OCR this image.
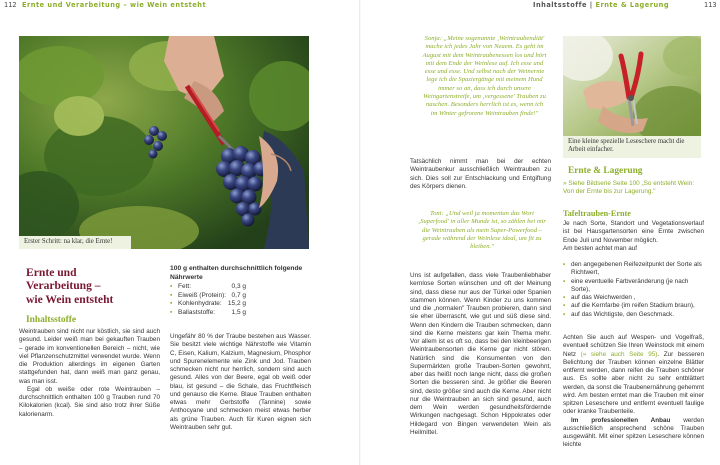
112 Ernte und Verarbeitung – wie Wein entsteht	Inhaltsstoffe | Ernte & Lagerung	113
Erster Schritt: na klar, die Ernte!
Ernte und
Verarbeitung –
wie Wein entsteht
Inhaltsstoffe

Weintrauben sind nicht nur köstlich, sie sind auch gesund. Leider weiß man bei gekauften Trauben – gerade im konventionellen Bereich – nicht, wie viel Pflanzenschutzmittel verwendet wurde. Wenn die Produktion allerdings im eigenen Garten stattgefunden hat, dann weiß man ganz genau, was man isst.

Egal ob weiße oder rote Weintrauben – durchschnittlich enthalten 100 g Trauben rund 70 Kilokalorien (kcal). Sie sind also trotz ihrer Süße kalorienarm.

100 g enthalten durchschnittlich folgende Nährwerte
▪ Fett:	0,3 g
▪ Eiweiß (Protein): 0,7 g
▪ Kohlenhydrate: 15,2 g
▪ Ballaststoffe:	1,5 g

Ungefähr 80 % der Traube bestehen aus Wasser. Sie besitzt viele wichtige Nährstoffe wie Vitamin C, Eisen, Kalium, Kalzium, Magnesium, Phosphor und Spurenelemente wie Zink und Jod. Trauben schmecken nicht nur herrlich, sondern sind auch gesund. Alles von der Beere, egal ob weiß oder blau, ist gesund – die Schale, das Fruchtfleisch und genauso die Kerne. Blaue Trauben enthalten etwas mehr Gerbstoffe (Tannine) sowie Anthocyane und schmecken meist etwas herber als grüne Trauben. Auch für Kuren eignen sich Weintrauben sehr gut.

Sonja: „Meine sogenannte ‚Weintraubendiät' mache ich jedes Jahr von Neuem. Es geht im August mit dem Weintraubenessen los und hört mit dem Ende der Weinlese auf. Ich esse und esse und esse. Und selbst nach der Weinernte lege ich die Spaziergänge mit meinem Hund immer so an, dass ich durch unsere Weingartenstreife, um ‚vergessene' Trauben zu naschen. Besonders herrlich ist es, wenn ich im Winter gefrorene Weintrauben finde!"

Tatsächlich nimmt man bei der echten Weintraubenkur ausschließlich Weintrauben zu sich. Dies soll zur Entschlackung und Entgiftung des Körpers dienen.

Toni: „Und weil ja momentan das Wort ‚Superfood' in aller Munde ist, so zählen bei mir die Weintrauben als mein Super-Powerfood – gerade während der Weinlese ideal, um fit zu bleiben."

Uns ist aufgefallen, dass viele Traubenliebhaber kernlose Sorten wünschen und oft der Meinung sind, dass diese nur aus der Türkei oder Spanien stammen können. Wenn Kinder zu uns kommen und die „normalen" Trauben probieren, dann sind sie eher überrascht, wie gut und süß diese sind. Wenn den Kindern die Trauben schmecken, dann sind die Kerne meistens gar kein Thema mehr. Vor allem ist es oft so, dass bei den kleinbeerigen Weintraubensorten die Kerne gar nicht stören. Natürlich sind die Konsumenten von den Supermärkten große Trauben-Sorten gewohnt, aber das heißt noch lange nicht, dass die großen Sorten die besseren sind. Je größer die Beeren sind, desto größer sind auch die Kerne. Aber nicht nur die Weintrauben an sich sind gesund, auch dem Wein werden gesundheitsfördernde Wirkungen nachgesagt. Schon Hippokrates oder Hildegard von Bingen verwendeten Wein als Heilmittel.

Eine kleine spezielle Leseschere macht die Arbeit einfacher.
Ernte & Lagerung
» Siehe Bildserie Seite 100 „So entsteht Wein: Von der Ernte bis zur Lagerung."
Tafeltrauben-Ernte

Je nach Sorte, Standort und Vegetationsverlauf ist bei Hausgartensorten eine Ernte zwischen Ende Juli und November möglich.

Am besten achtet man auf

▪ den angegebenen Reifezeitpunkt der Sorte als Richtwert,
▪ eine eventuelle Farbveränderung (je nach Sorte),
▪ auf das Weichwerden ,
▪ auf die Kernfarbe (im reifen Stadium braun),
▪ auf das Wichtigste, den Geschmack.

Achten Sie auch auf Wespen- und Vogelfraß, eventuell schützen Sie Ihren Weinstock mit einem Netz (» siehe auch Seite 95). Zur besseren Belichtung der Trauben können einzelne Blätter entfernt werden, dann reifen die Trauben schöner aus. Es sollte aber nicht zu sehr entblättert werden, da sonst die Traubenernährung gehemmt wird. Am besten erntet man die Trauben mit einer spitzen Leseschere und entfernt eventuell faulige oder kranke Traubenteile.

Im professionellen Anbau werden ausschließlich ansprechend schöne Trauben ausgewählt. Mit einer spitzen Leseschere können leichte
